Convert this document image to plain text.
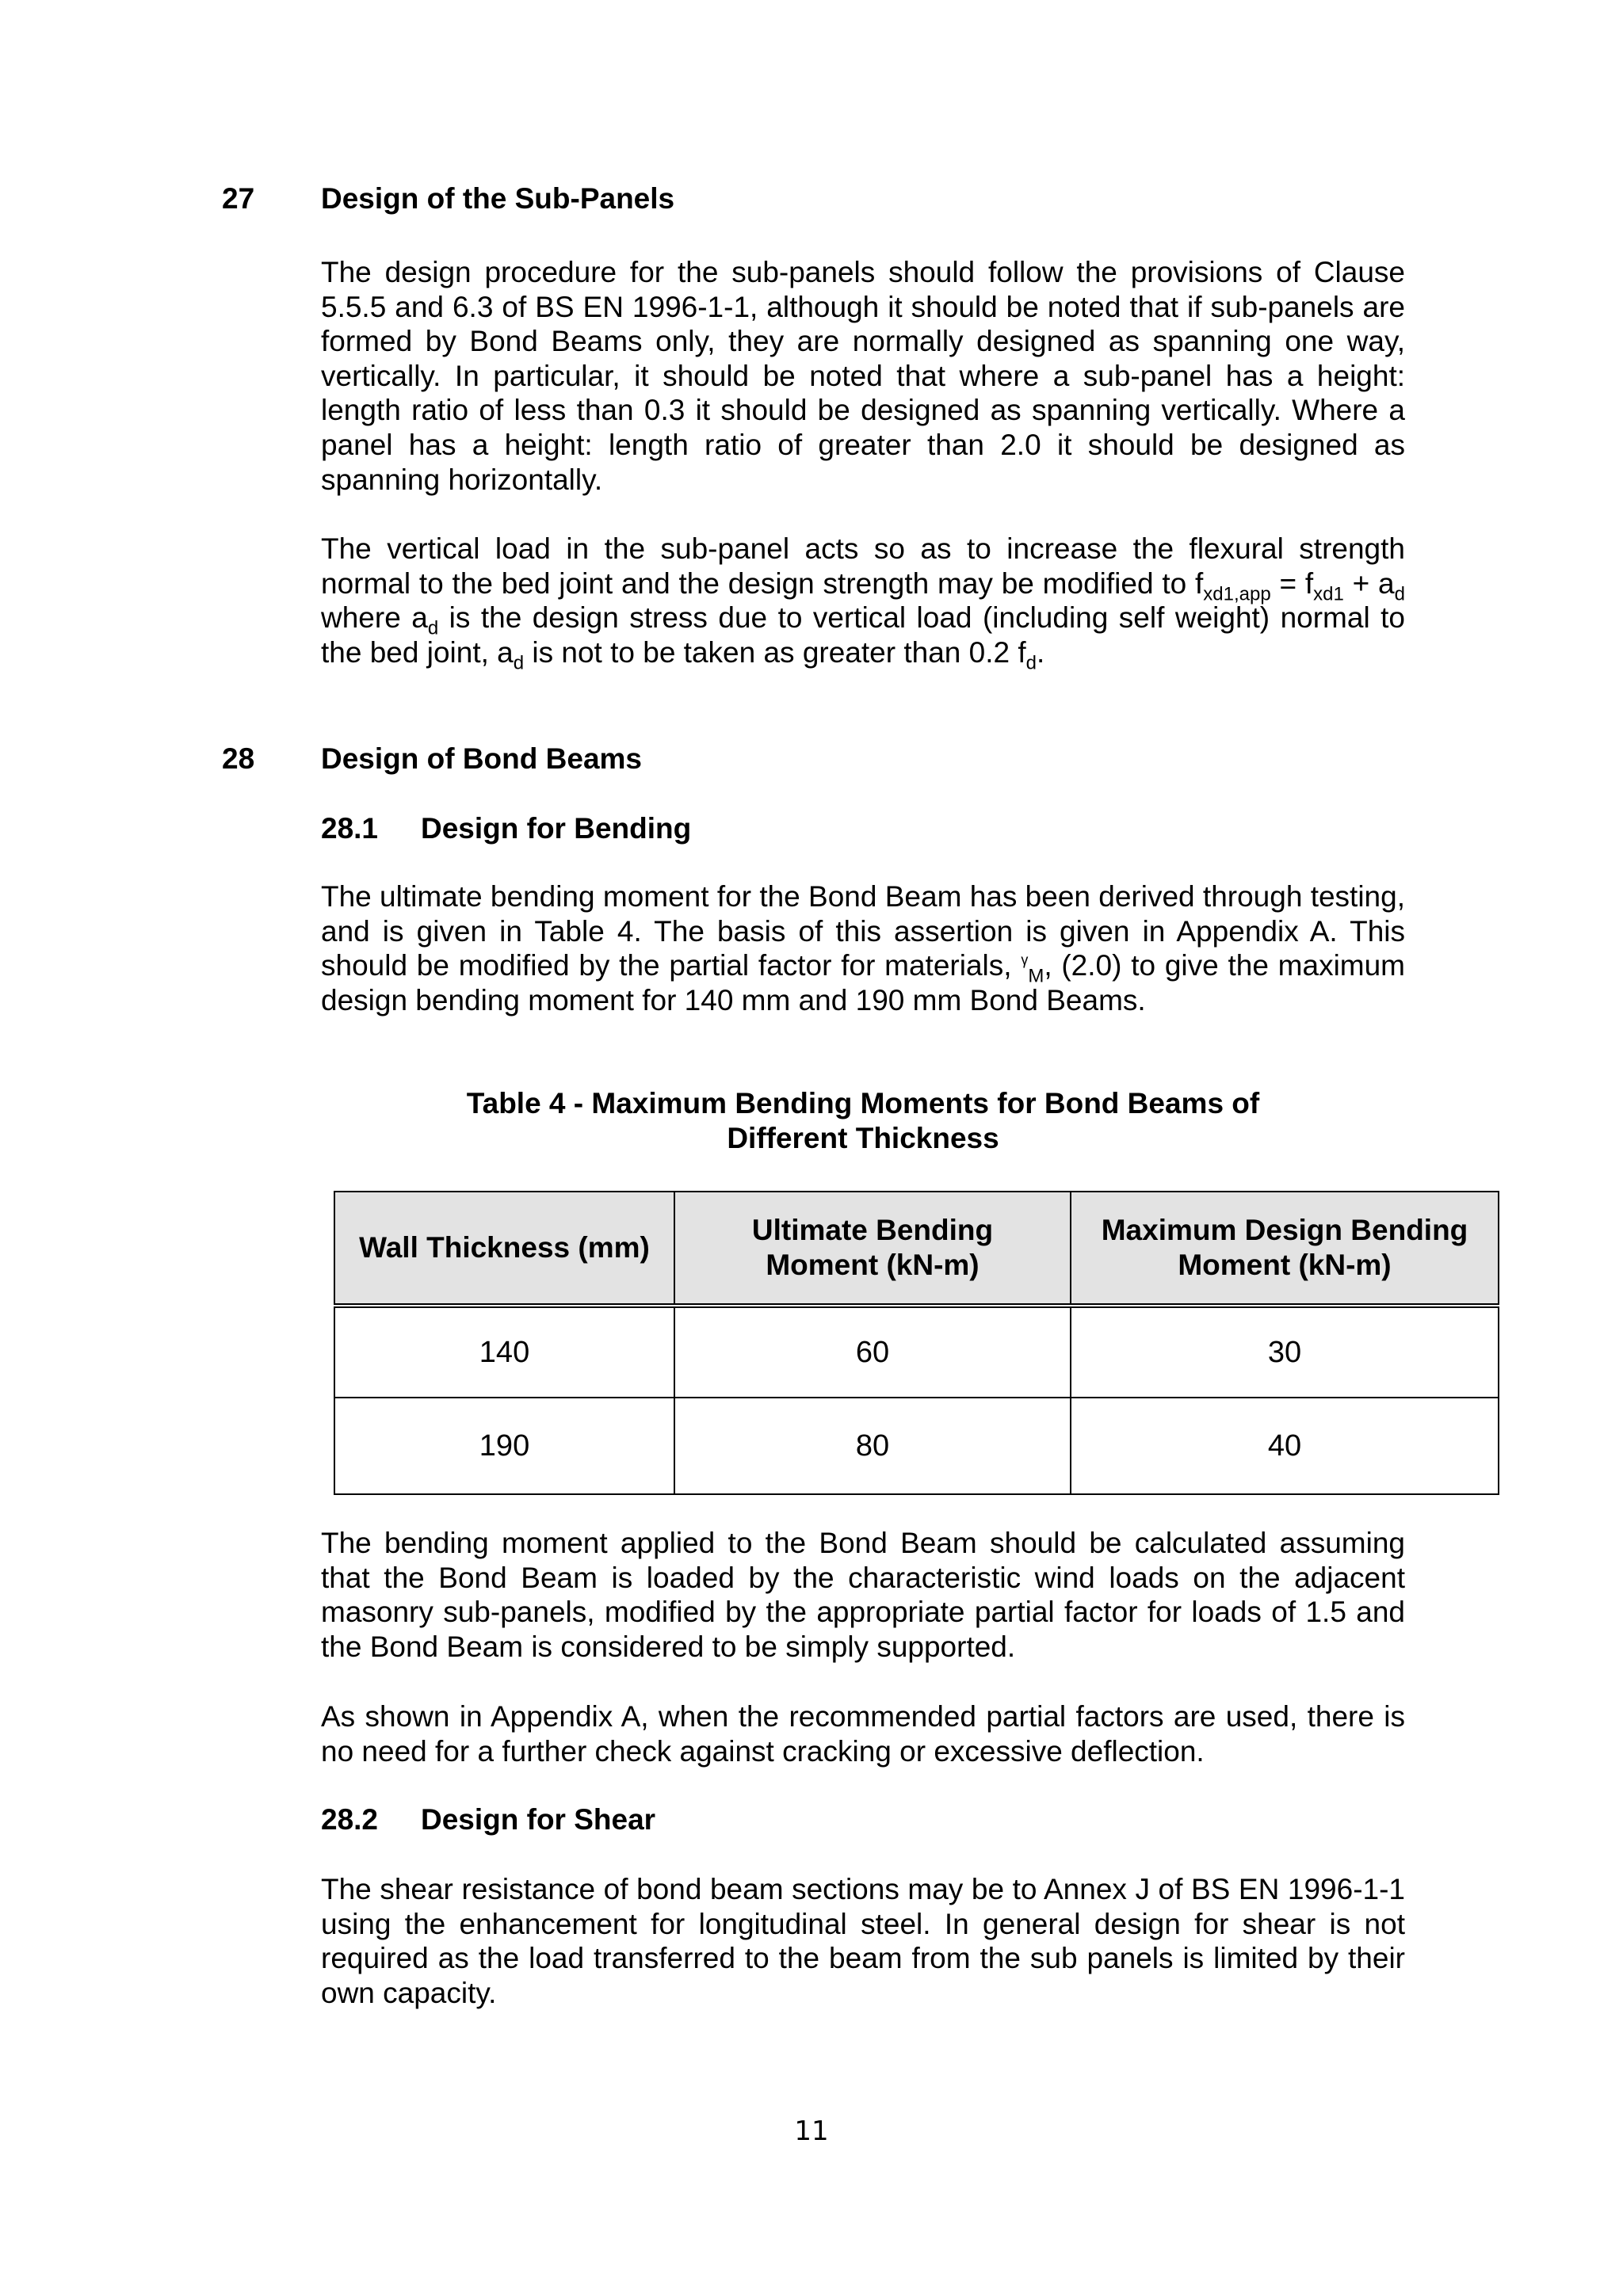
27 Design of the Sub-Panels

The design procedure for the sub-panels should follow the provisions of Clause 5.5.5 and 6.3 of BS EN 1996-1-1, although it should be noted that if sub-panels are formed by Bond Beams only, they are normally designed as spanning one way, vertically. In particular, it should be noted that where a sub-panel has a height: length ratio of less than 0.3 it should be designed as spanning vertically. Where a panel has a height: length ratio of greater than 2.0 it should be designed as spanning horizontally.

The vertical load in the sub-panel acts so as to increase the flexural strength normal to the bed joint and the design strength may be modified to $f_{xd1,app} = f_{xd1} + a_d$ where $a_d$ is the design stress due to vertical load (including self weight) normal to the bed joint, $a_d$ is not to be taken as greater than 0.2 $f_d$.

28 Design of Bond Beams
28.1 Design for Bending

The ultimate bending moment for the Bond Beam has been derived through testing, and is given in Table 4. The basis of this assertion is given in Appendix A. This should be modified by the partial factor for materials, $^\gamma_M$, (2.0) to give the maximum design bending moment for 140 mm and 190 mm Bond Beams.

Table 4 - Maximum Bending Moments for Bond Beams of
Different Thickness
Wall Thickness (mm)	Ultimate Bending Moment (kN-m)	Maximum Design Bending Moment (kN-m)
140	60	30
190	80	40

The bending moment applied to the Bond Beam should be calculated assuming that the Bond Beam is loaded by the characteristic wind loads on the adjacent masonry sub-panels, modified by the appropriate partial factor for loads of 1.5 and the Bond Beam is considered to be simply supported.

As shown in Appendix A, when the recommended partial factors are used, there is no need for a further check against cracking or excessive deflection.

28.2 Design for Shear

The shear resistance of bond beam sections may be to Annex J of BS EN 1996-1-1 using the enhancement for longitudinal steel. In general design for shear is not required as the load transferred to the beam from the sub panels is limited by their own capacity.

11
